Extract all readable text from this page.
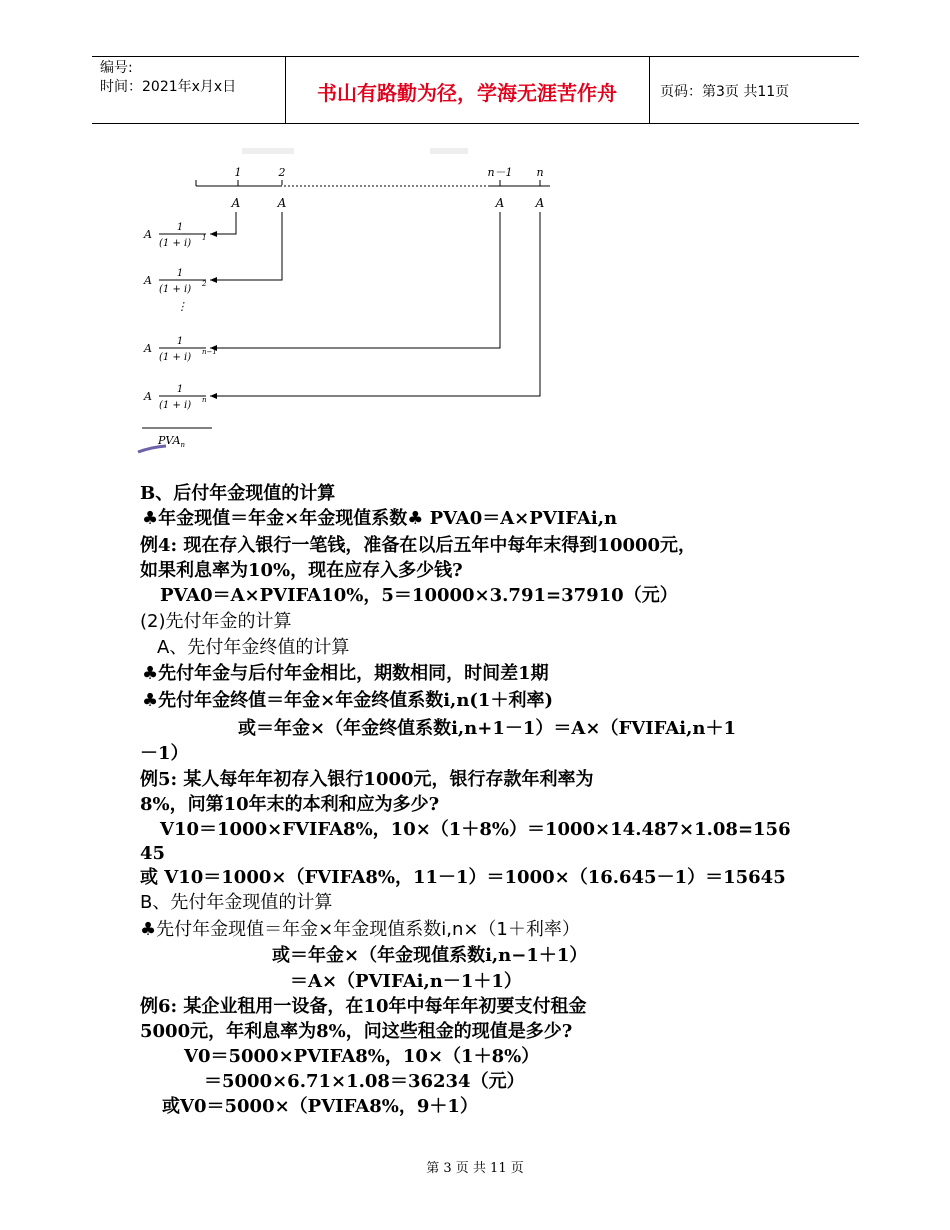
编号:
时间：2021年x月x日	书山有路勤为径，学海无涯苦作舟	页码：第3页 共11页
1	2	n－1 n
A	A	A	A
A
1
(1 + i) 1
A
1
(1 + i) 2
⋮
A
1
(1 + i) n−1
A
1
(1 + i) n
$PVA_n$
B、后付年金现值的计算
♣年金现值＝年金×年金现值系数♣ PVA0＝A×PVIFAi,n
例4: 现在存入银行一笔钱，准备在以后五年中每年末得到10000元，
如果利息率为10%，现在应存入多少钱?
PVA0＝A×PVIFA10%，5＝10000×3.791=37910（元）
(2)先付年金的计算
A、先付年金终值的计算
♣先付年金与后付年金相比，期数相同，时间差1期
♣先付年金终值＝年金×年金终值系数i,n(1＋利率)
或＝年金×（年金终值系数i,n+1－1）＝A×（FVIFAi,n＋1
－1）
例5: 某人每年年初存入银行1000元，银行存款年利率为
8%，问第10年末的本利和应为多少?
V10＝1000×FVIFA8%，10×（1＋8%）＝1000×14.487×1.08=156
45
或 V10＝1000×（FVIFA8%，11－1）＝1000×（16.645－1）＝15645
B、先付年金现值的计算
♣先付年金现值＝年金×年金现值系数i,n×（1＋利率）
或＝年金×（年金现值系数i,n−1＋1）
＝A×（PVIFAi,n－1＋1）
例6: 某企业租用一设备，在10年中每年年初要支付租金
5000元，年利息率为8%，问这些租金的现值是多少?
V0＝5000×PVIFA8%，10×（1＋8%）
＝5000×6.71×1.08＝36234（元）
或V0＝5000×（PVIFA8%，9＋1）
第 3 页 共 11 页
